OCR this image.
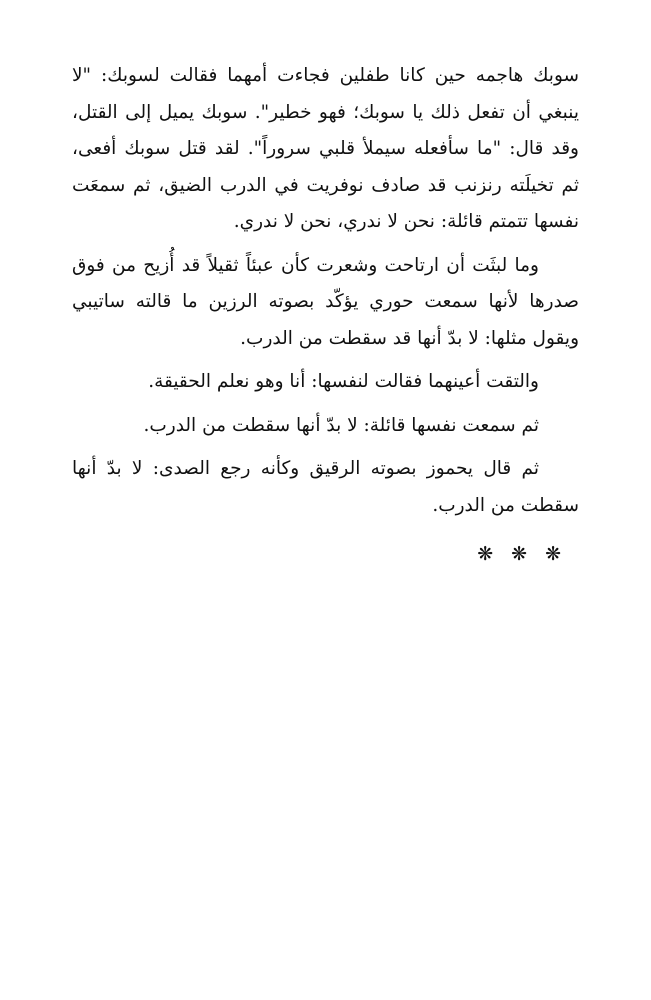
سوبك هاجمه حين كانا طفلين فجاءت أمهما فقالت لسوبك: "لا ينبغي أن تفعل ذلك يا سوبك؛ فهو خطير". سوبك يميل إلى القتل، وقد قال: "ما سأفعله سيملأ قلبي سروراً". لقد قتل سوبك أفعى، ثم تخيلَته رنزنب قد صادف نوفريت في الدرب الضيق، ثم سمعَت نفسها تتمتم قائلة: نحن لا ندري، نحن لا ندري.

وما لبثَت أن ارتاحت وشعرت كأن عبئاً ثقيلاً قد أُزيح من فوق صدرها لأنها سمعت حوري يؤكّد بصوته الرزين ما قالته ساتيبي ويقول مثلها: لا بدّ أنها قد سقطت من الدرب.

والتقت أعينهما فقالت لنفسها: أنا وهو نعلم الحقيقة.

ثم سمعت نفسها قائلة: لا بدّ أنها سقطت من الدرب.

ثم قال يحموز بصوته الرقيق وكأنه رجع الصدى: لا بدّ أنها سقطت من الدرب.

❋❋❋
